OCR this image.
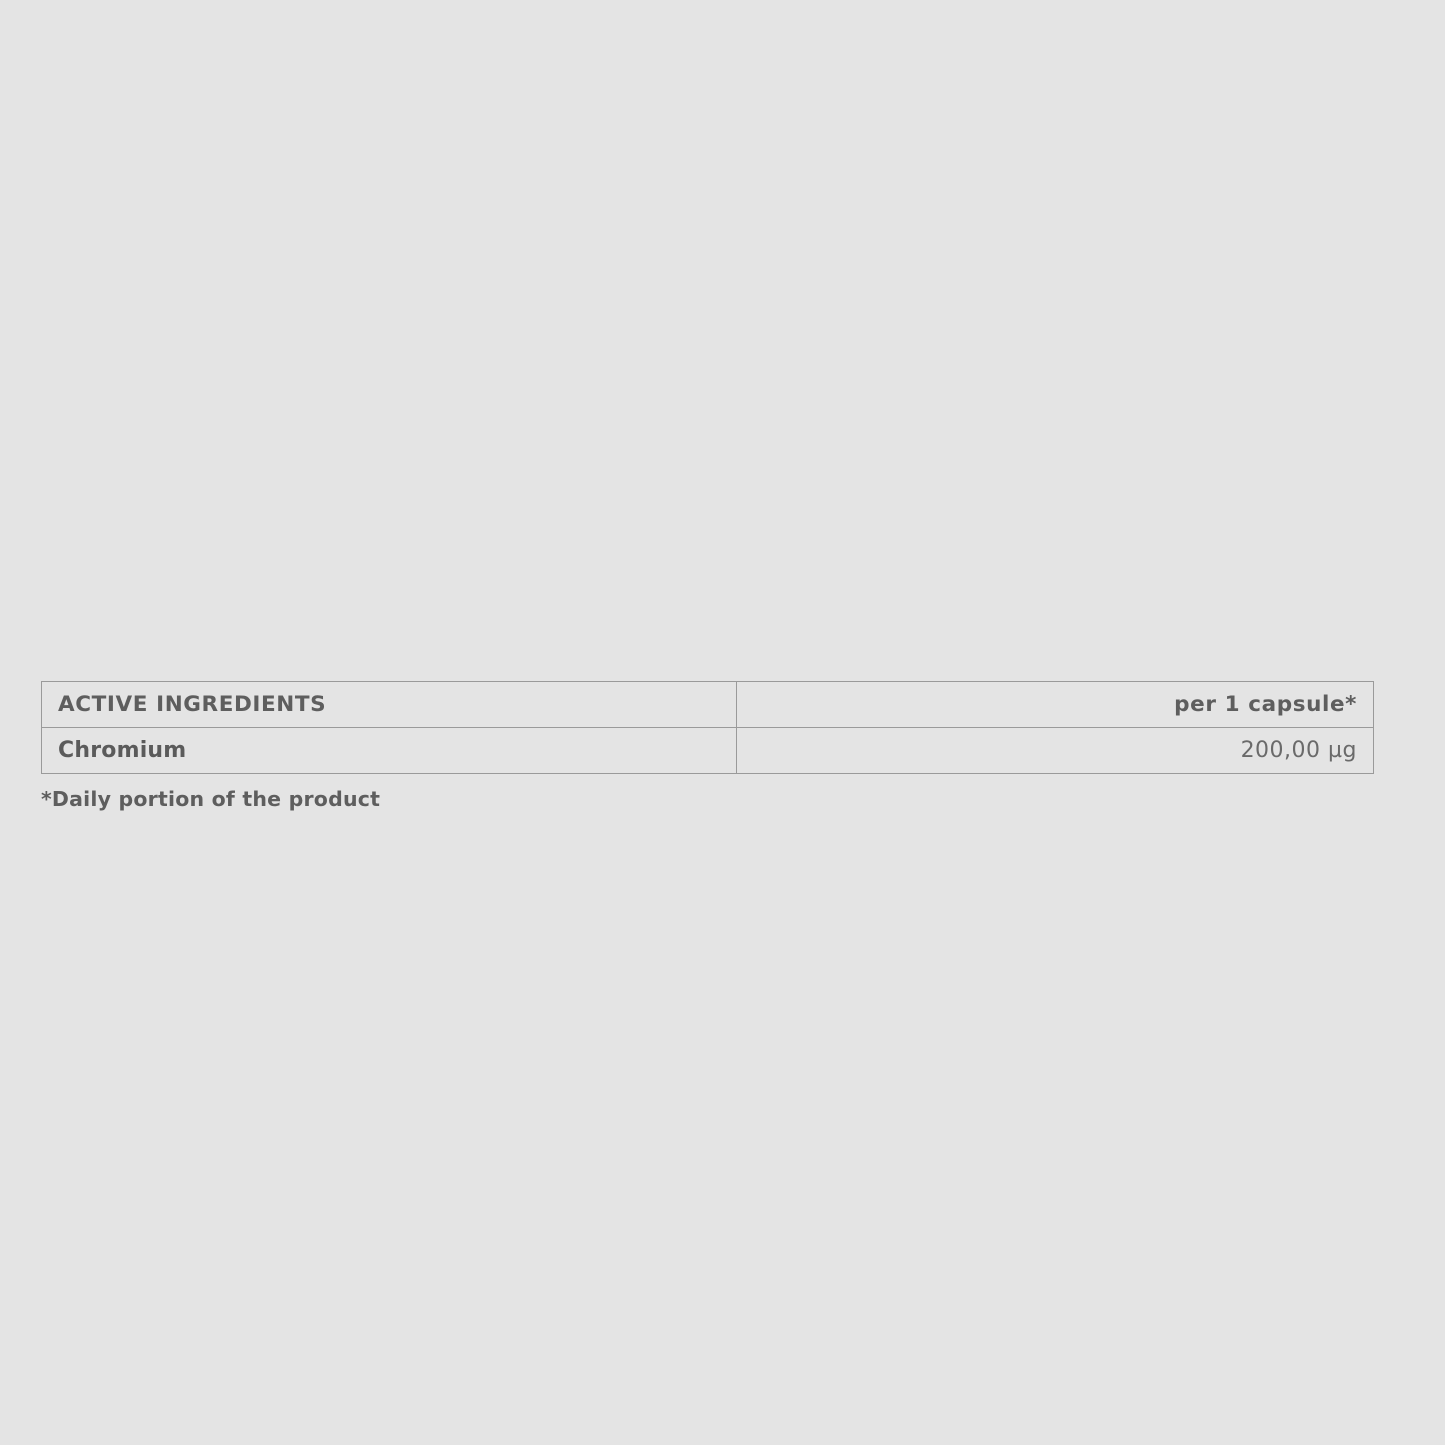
ACTIVE INGREDIENTS	per 1 capsule*
Chromium	200,00 µg
*Daily portion of the product
